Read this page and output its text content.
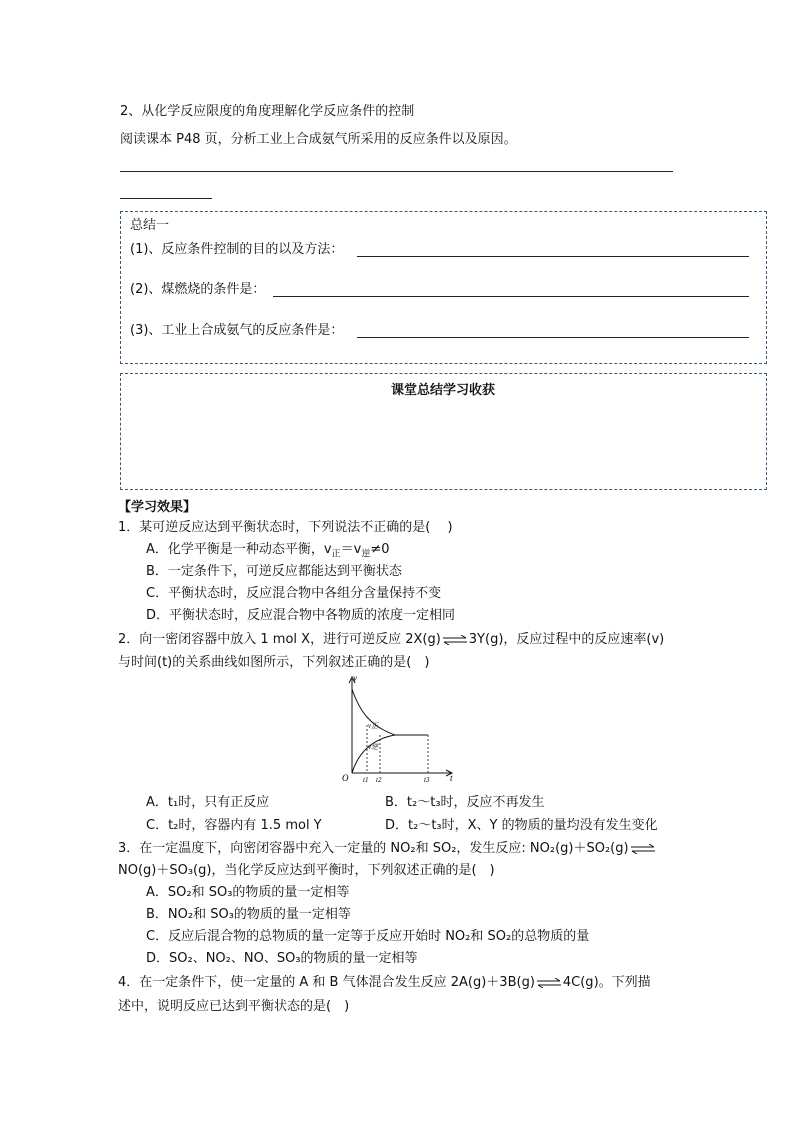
2、从化学反应限度的角度理解化学反应条件的控制
阅读课本 P48 页，分析工业上合成氨气所采用的反应条件以及原因。
总结一
(1)、反应条件控制的目的以及方法：
(2)、煤燃烧的条件是：
(3)、工业上合成氨气的反应条件是：
课堂总结学习收获
【学习效果】
1．某可逆反应达到平衡状态时，下列说法不正确的是(　 )
A．化学平衡是一种动态平衡，$v_正=v_逆\ne 0$
B．一定条件下，可逆反应都能达到平衡状态
C．平衡状态时，反应混合物中各组分含量保持不变
D．平衡状态时，反应混合物中各物质的浓度一定相同
2．向一密闭容器中放入 1 mol X，进行可逆反应 2X(g)⇌3Y(g)，反应过程中的反应速率(v)
与时间(t)的关系曲线如图所示，下列叙述正确的是(　)
v
t
O
v正
v逆
t1 t2	t3
A．t₁时，只有正反应	B．t₂～t₃时，反应不再发生
C．t₂时，容器内有 1.5 mol Y	D．t₂～t₃时，X、Y 的物质的量均没有发生变化
3．在一定温度下，向密闭容器中充入一定量的 NO₂和 SO₂，发生反应: NO₂(g)＋SO₂(g)⇌
NO(g)＋SO₃(g)，当化学反应达到平衡时，下列叙述正确的是(　)
A．SO₂和 SO₃的物质的量一定相等
B．NO₂和 SO₃的物质的量一定相等
C．反应后混合物的总物质的量一定等于反应开始时 NO₂和 SO₂的总物质的量
D．SO₂、NO₂、NO、SO₃的物质的量一定相等
4．在一定条件下，使一定量的 A 和 B 气体混合发生反应 2A(g)＋3B(g)⇌4C(g)。下列描
述中，说明反应已达到平衡状态的是(　)
